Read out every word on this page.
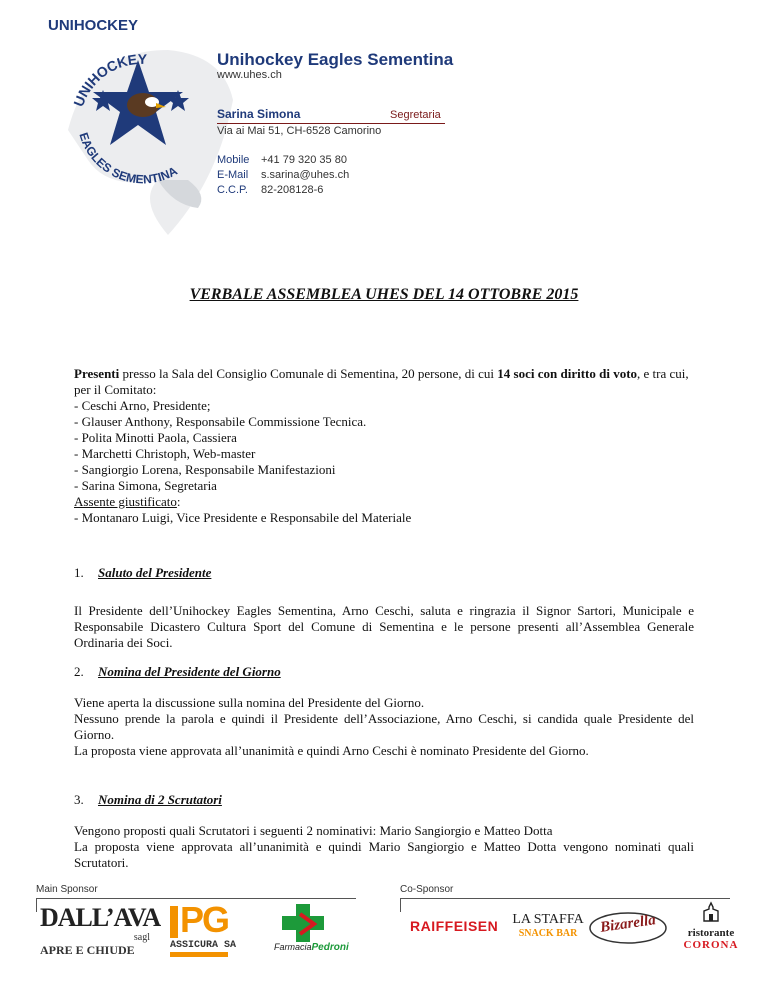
UNIHOCKEY
UNIHOCKEY
EAGLES SEMENTINA
Unihockey Eagles Sementina
www.uhes.ch
Sarina Simona	Segretaria
Via ai Mai 51, CH-6528 Camorino
Mobile +41 79 320 35 80
E-Mail s.sarina@uhes.ch
C.C.P. 82-208128-6
VERBALE ASSEMBLEA UHES DEL 14 OTTOBRE 2015
Presenti presso la Sala del Consiglio Comunale di Sementina, 20 persone, di cui 14 soci con diritto di voto, e tra cui, per il Comitato:
- Ceschi Arno, Presidente;
- Glauser Anthony, Responsabile Commissione Tecnica.
- Polita Minotti Paola, Cassiera
- Marchetti Christoph, Web-master
- Sangiorgio Lorena, Responsabile Manifestazioni
- Sarina Simona, Segretaria
Assente giustificato:
- Montanaro Luigi, Vice Presidente e Responsabile del Materiale
1. Saluto del Presidente
Il Presidente dell’Unihockey Eagles Sementina, Arno Ceschi, saluta e ringrazia il Signor Sartori, Municipale e Responsabile Dicastero Cultura Sport del Comune di Sementina e le persone presenti all’Assemblea Generale Ordinaria dei Soci.
2. Nomina del Presidente del Giorno
Viene aperta la discussione sulla nomina del Presidente del Giorno.
Nessuno prende la parola e quindi il Presidente dell’Associazione, Arno Ceschi, si candida quale Presidente del Giorno.
La proposta viene approvata all’unanimità e quindi Arno Ceschi è nominato Presidente del Giorno.
3. Nomina di 2 Scrutatori
Vengono proposti quali Scrutatori i seguenti 2 nominativi: Mario Sangiorgio e Matteo Dotta
La proposta viene approvata all’unanimità e quindi Mario Sangiorgio e Matteo Dotta vengono nominati quali Scrutatori.
Main Sponsor	Co-Sponsor
DALL’AVA
sagl
APRE E CHIUDE
PG
ASSICURA SA	FarmaciaPedroni
RAIFFEISEN	LA STAFFA
SNACK BAR	Bizarella	ristorante
CORONA
